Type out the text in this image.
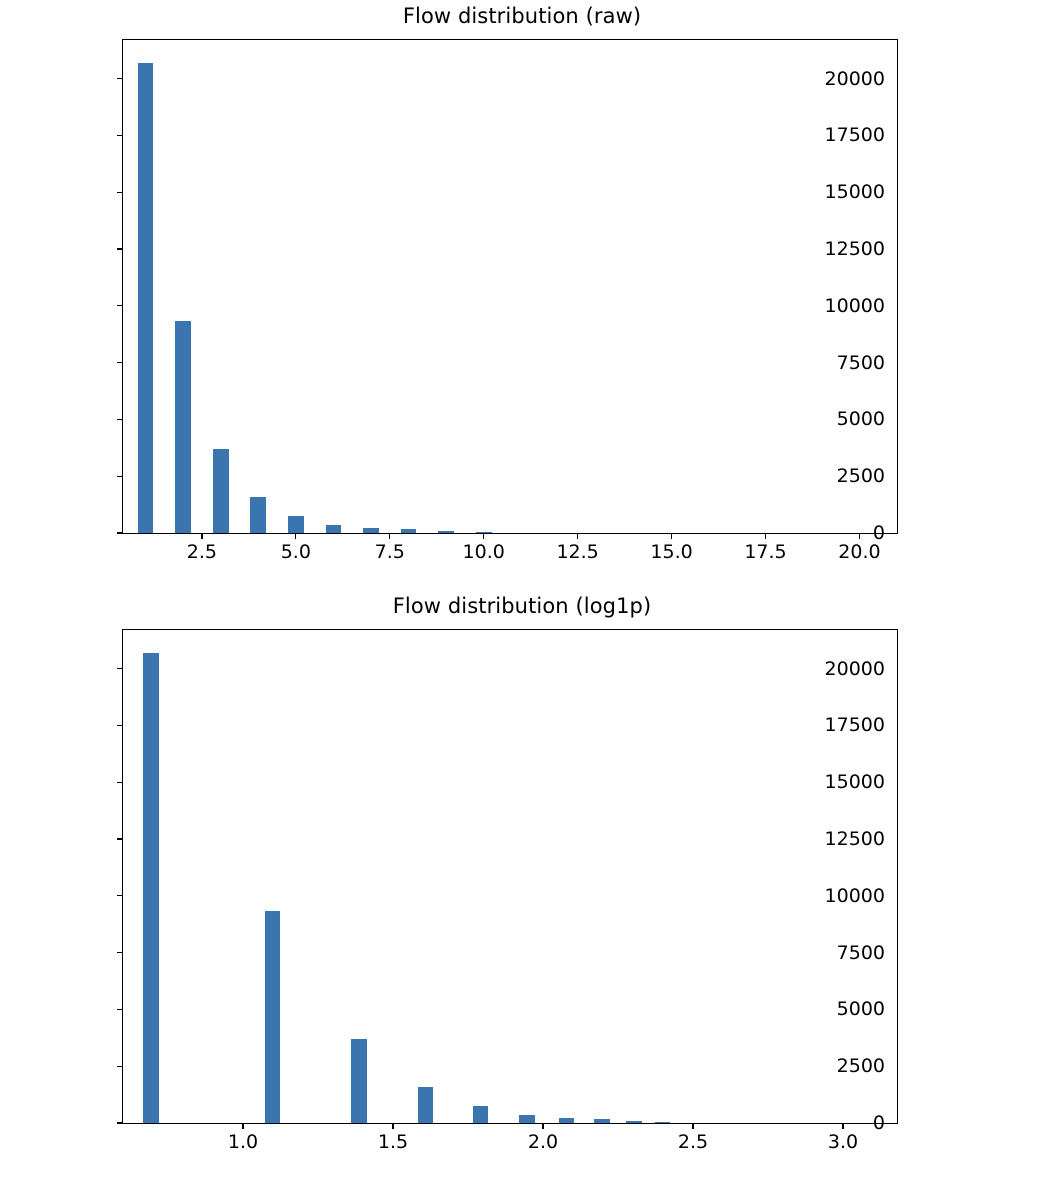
Flow distribution (raw)
2.5	5.0	7.5	10.0	12.5	15.0	17.5	20.0
0
2500
5000
7500
10000
12500
15000
17500
20000
Flow distribution (log1p)
1.0	1.5	2.0	2.5	3.0
0
2500
5000
7500
10000
12500
15000
17500
20000
